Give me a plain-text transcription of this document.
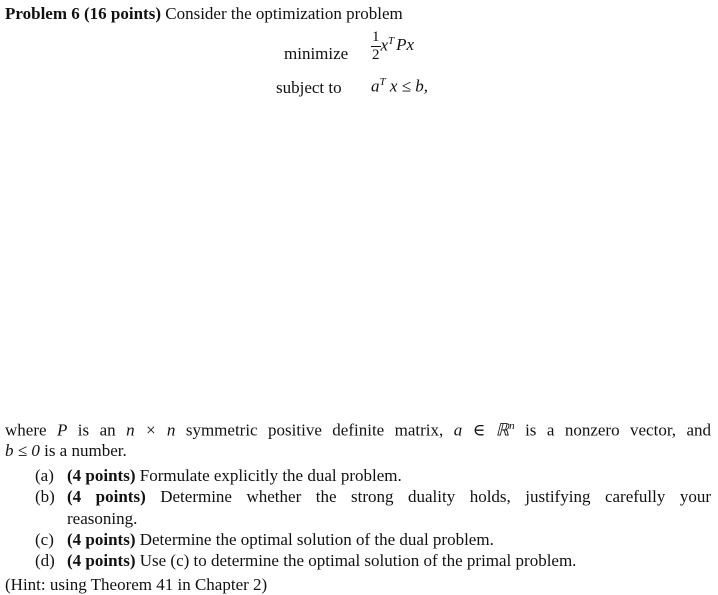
Problem 6 (16 points) Consider the optimization problem
minimize $\frac{1}{2} x^T$ Px
subject to $a^T$ x ≤ b,
where P is an n × n symmetric positive definite matrix, a ∈ ℝ$^n$ is a nonzero vector, and
b ≤ 0 is a number.
(a) (4 points) Formulate explicitly the dual problem.
(b) (4 points) Determine whether the strong duality holds, justifying carefully your
reasoning.
(c) (4 points) Determine the optimal solution of the dual problem.
(d) (4 points) Use (c) to determine the optimal solution of the primal problem.
(Hint: using Theorem 41 in Chapter 2)
